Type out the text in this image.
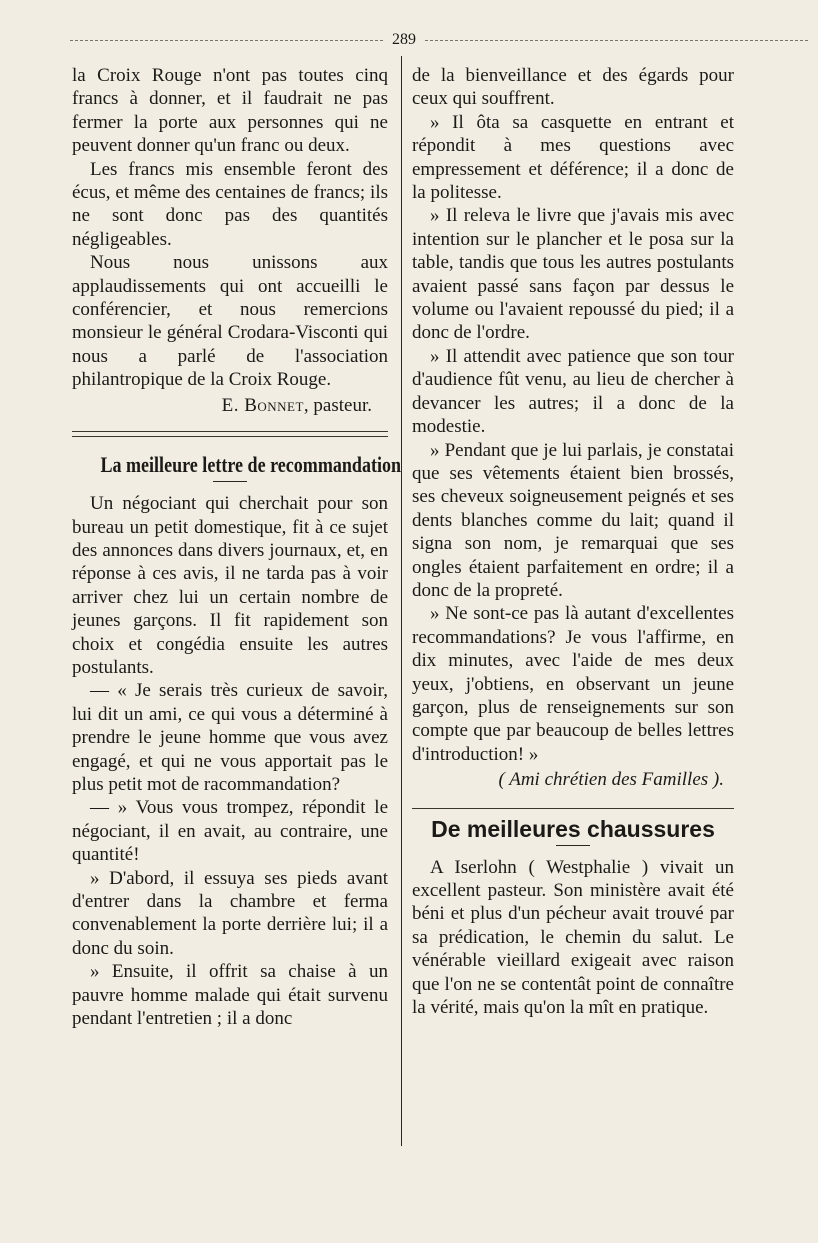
289

la Croix Rouge n'ont pas toutes cinq francs à donner, et il faudrait ne pas fermer la porte aux personnes qui ne peuvent donner qu'un franc ou deux.

Les francs mis ensemble feront des écus, et même des centaines de francs; ils ne sont donc pas des quantités négligeables.

Nous nous unissons aux applaudissements qui ont accueilli le conférencier, et nous remercions monsieur le général Crodara-Visconti qui nous a parlé de l'association philantropique de la Croix Rouge.

E. Bonnet, pasteur.
La meilleure lettre de recommandation

Un négociant qui cherchait pour son bureau un petit domestique, fit à ce sujet des annonces dans divers journaux, et, en réponse à ces avis, il ne tarda pas à voir arriver chez lui un certain nombre de jeunes garçons. Il fit rapidement son choix et congédia ensuite les autres postulants.

— « Je serais très curieux de savoir, lui dit un ami, ce qui vous a déterminé à prendre le jeune homme que vous avez engagé, et qui ne vous apportait pas le plus petit mot de racommandation?

— » Vous vous trompez, répondit le négociant, il en avait, au contraire, une quantité!

» D'abord, il essuya ses pieds avant d'entrer dans la chambre et ferma convenablement la porte derrière lui; il a donc du soin.

» Ensuite, il offrit sa chaise à un pauvre homme malade qui était survenu pendant l'entretien ; il a donc

de la bienveillance et des égards pour ceux qui souffrent.

» Il ôta sa casquette en entrant et répondit à mes questions avec empressement et déférence; il a donc de la politesse.

» Il releva le livre que j'avais mis avec intention sur le plancher et le posa sur la table, tandis que tous les autres postulants avaient passé sans façon par dessus le volume ou l'avaient repoussé du pied; il a donc de l'ordre.

» Il attendit avec patience que son tour d'audience fût venu, au lieu de chercher à devancer les autres; il a donc de la modestie.

» Pendant que je lui parlais, je constatai que ses vêtements étaient bien brossés, ses cheveux soigneusement peignés et ses dents blanches comme du lait; quand il signa son nom, je remarquai que ses ongles étaient parfaitement en ordre; il a donc de la propreté.

» Ne sont-ce pas là autant d'excellentes recommandations? Je vous l'affirme, en dix minutes, avec l'aide de mes deux yeux, j'obtiens, en observant un jeune garçon, plus de renseignements sur son compte que par beaucoup de belles lettres d'introduction! »

( Ami chrétien des Familles ).
De meilleures chaussures

A Iserlohn ( Westphalie ) vivait un excellent pasteur. Son ministère avait été béni et plus d'un pécheur avait trouvé par sa prédication, le chemin du salut. Le vénérable vieillard exigeait avec raison que l'on ne se contentât point de connaître la vérité, mais qu'on la mît en pratique.
